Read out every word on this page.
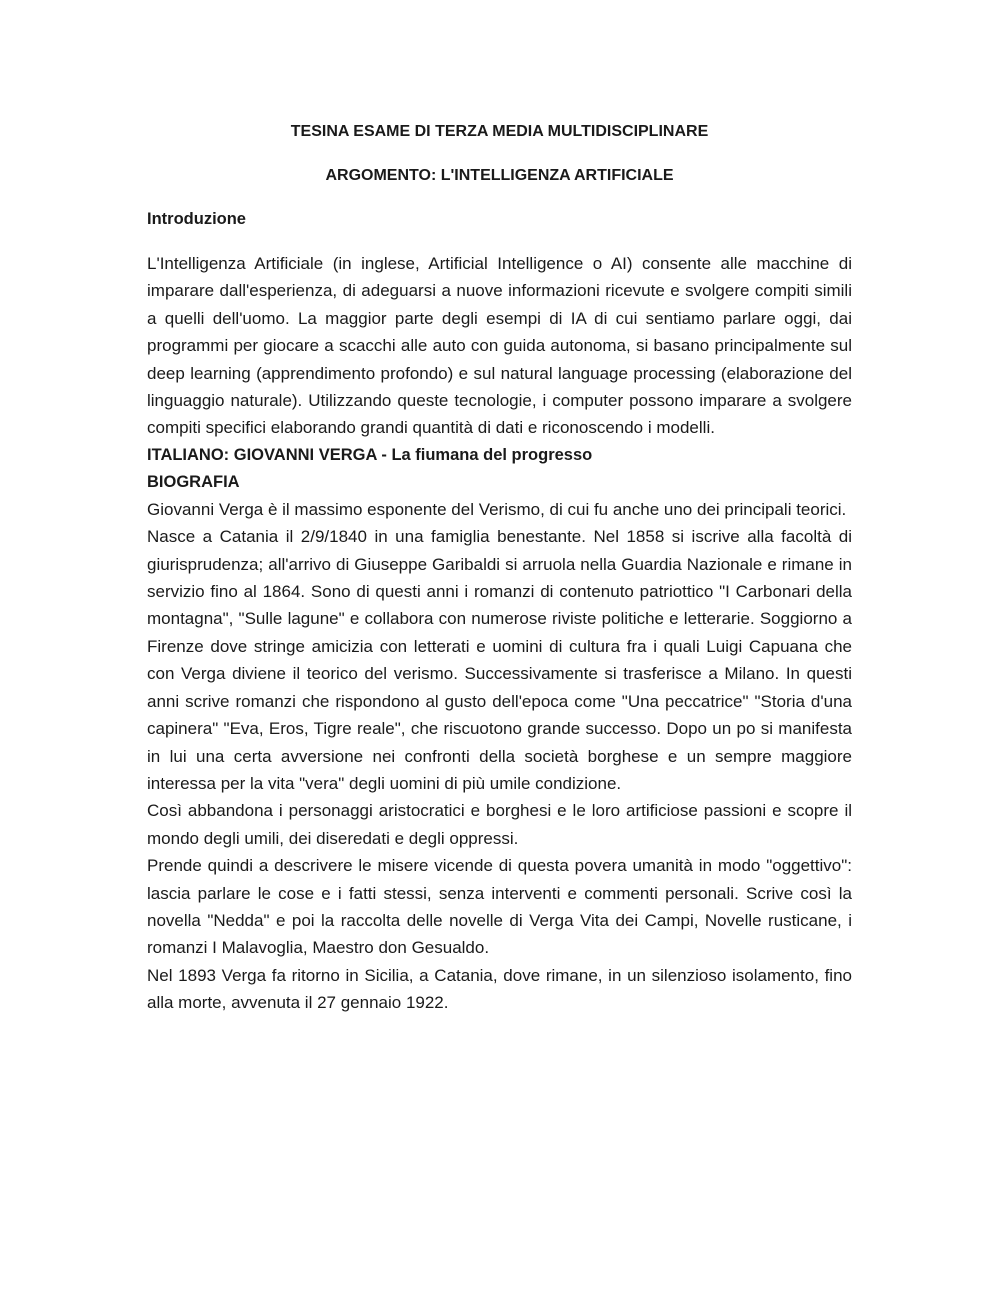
TESINA ESAME DI TERZA MEDIA MULTIDISCIPLINARE
ARGOMENTO: L'INTELLIGENZA ARTIFICIALE
Introduzione

L'Intelligenza Artificiale (in inglese, Artificial Intelligence o AI) consente alle macchine di imparare dall'esperienza, di adeguarsi a nuove informazioni ricevute e svolgere compiti simili a quelli dell'uomo. La maggior parte degli esempi di IA di cui sentiamo parlare oggi, dai programmi per giocare a scacchi alle auto con guida autonoma, si basano principalmente sul deep learning (apprendimento profondo) e sul natural language processing (elaborazione del linguaggio naturale). Utilizzando queste tecnologie, i computer possono imparare a svolgere compiti specifici elaborando grandi quantità di dati e riconoscendo i modelli.

ITALIANO: GIOVANNI VERGA - La fiumana del progresso
BIOGRAFIA

Giovanni Verga è il massimo esponente del Verismo, di cui fu anche uno dei principali teorici.

Nasce a Catania il 2/9/1840 in una famiglia benestante. Nel 1858 si iscrive alla facoltà di giurisprudenza; all'arrivo di Giuseppe Garibaldi si arruola nella Guardia Nazionale e rimane in servizio fino al 1864. Sono di questi anni i romanzi di contenuto patriottico "I Carbonari della montagna", "Sulle lagune" e collabora con numerose riviste politiche e letterarie. Soggiorno a Firenze dove stringe amicizia con letterati e uomini di cultura fra i quali Luigi Capuana che con Verga diviene il teorico del verismo. Successivamente si trasferisce a Milano. In questi anni scrive romanzi che rispondono al gusto dell'epoca come "Una peccatrice" "Storia d'una capinera" "Eva, Eros, Tigre reale", che riscuotono grande successo. Dopo un po si manifesta in lui una certa avversione nei confronti della società borghese e un sempre maggiore interessa per la vita "vera" degli uomini di più umile condizione.

Così abbandona i personaggi aristocratici e borghesi e le loro artificiose passioni e scopre il mondo degli umili, dei diseredati e degli oppressi.

Prende quindi a descrivere le misere vicende di questa povera umanità in modo "oggettivo": lascia parlare le cose e i fatti stessi, senza interventi e commenti personali. Scrive così la novella "Nedda" e poi la raccolta delle novelle di Verga Vita dei Campi, Novelle rusticane, i romanzi I Malavoglia, Maestro don Gesualdo.

Nel 1893 Verga fa ritorno in Sicilia, a Catania, dove rimane, in un silenzioso isolamento, fino alla morte, avvenuta il 27 gennaio 1922.
